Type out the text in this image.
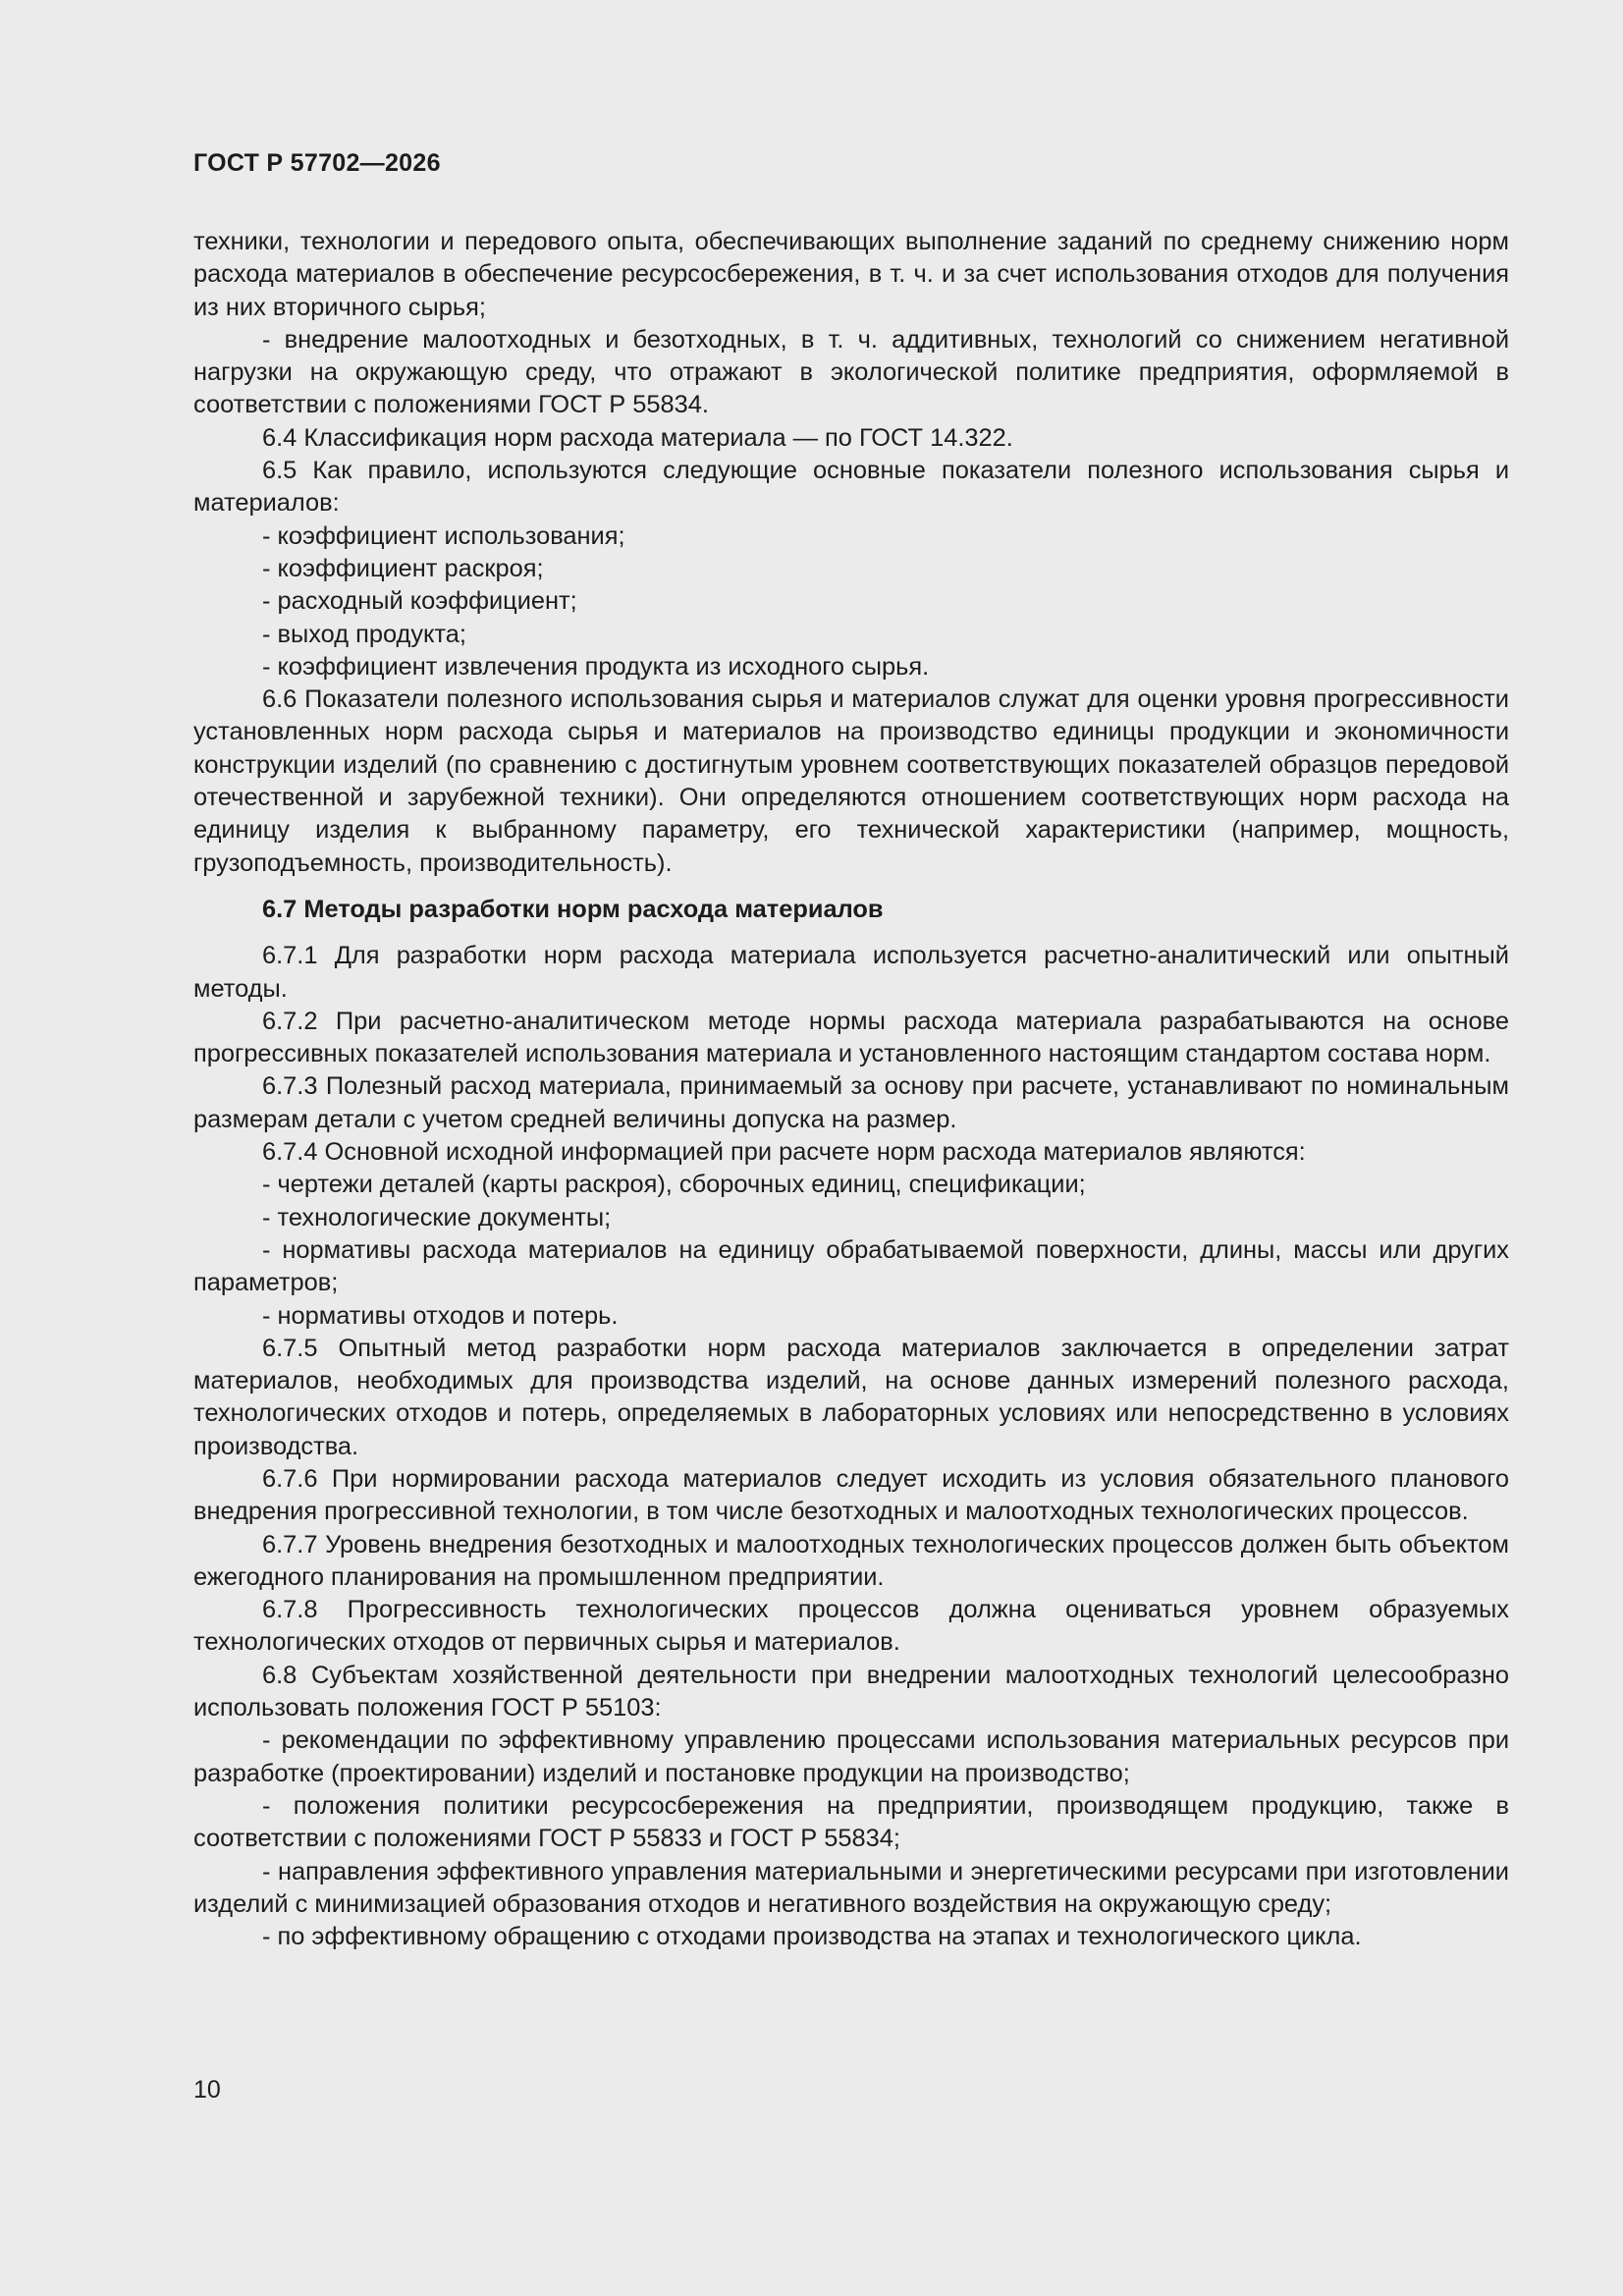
ГОСТ Р 57702—2026

техники, технологии и передового опыта, обеспечивающих выполнение заданий по среднему снижению норм расхода материалов в обеспечение ресурсосбережения, в т. ч. и за счет использования отходов для получения из них вторичного сырья;

- внедрение малоотходных и безотходных, в т. ч. аддитивных, технологий со снижением негативной нагрузки на окружающую среду, что отражают в экологической политике предприятия, оформляемой в соответствии с положениями ГОСТ Р 55834.

6.4 Классификация норм расхода материала — по ГОСТ 14.322.

6.5 Как правило, используются следующие основные показатели полезного использования сырья и материалов:

- коэффициент использования;

- коэффициент раскроя;

- расходный коэффициент;

- выход продукта;

- коэффициент извлечения продукта из исходного сырья.

6.6 Показатели полезного использования сырья и материалов служат для оценки уровня прогрессивности установленных норм расхода сырья и материалов на производство единицы продукции и экономичности конструкции изделий (по сравнению с достигнутым уровнем соответствующих показателей образцов передовой отечественной и зарубежной техники). Они определяются отношением соответствующих норм расхода на единицу изделия к выбранному параметру, его технической характеристики (например, мощность, грузоподъемность, производительность).

6.7 Методы разработки норм расхода материалов

6.7.1 Для разработки норм расхода материала используется расчетно-аналитический или опытный методы.

6.7.2 При расчетно-аналитическом методе нормы расхода материала разрабатываются на основе прогрессивных показателей использования материала и установленного настоящим стандартом состава норм.

6.7.3 Полезный расход материала, принимаемый за основу при расчете, устанавливают по номинальным размерам детали с учетом средней величины допуска на размер.

6.7.4 Основной исходной информацией при расчете норм расхода материалов являются:

- чертежи деталей (карты раскроя), сборочных единиц, спецификации;

- технологические документы;

- нормативы расхода материалов на единицу обрабатываемой поверхности, длины, массы или других параметров;

- нормативы отходов и потерь.

6.7.5 Опытный метод разработки норм расхода материалов заключается в определении затрат материалов, необходимых для производства изделий, на основе данных измерений полезного расхода, технологических отходов и потерь, определяемых в лабораторных условиях или непосредственно в условиях производства.

6.7.6 При нормировании расхода материалов следует исходить из условия обязательного планового внедрения прогрессивной технологии, в том числе безотходных и малоотходных технологических процессов.

6.7.7 Уровень внедрения безотходных и малоотходных технологических процессов должен быть объектом ежегодного планирования на промышленном предприятии.

6.7.8 Прогрессивность технологических процессов должна оцениваться уровнем образуемых технологических отходов от первичных сырья и материалов.

6.8 Субъектам хозяйственной деятельности при внедрении малоотходных технологий целесообразно использовать положения ГОСТ Р 55103:

- рекомендации по эффективному управлению процессами использования материальных ресурсов при разработке (проектировании) изделий и постановке продукции на производство;

- положения политики ресурсосбережения на предприятии, производящем продукцию, также в соответствии с положениями ГОСТ Р 55833 и ГОСТ Р 55834;

- направления эффективного управления материальными и энергетическими ресурсами при изготовлении изделий с минимизацией образования отходов и негативного воздействия на окружающую среду;

- по эффективному обращению с отходами производства на этапах и технологического цикла.

10
